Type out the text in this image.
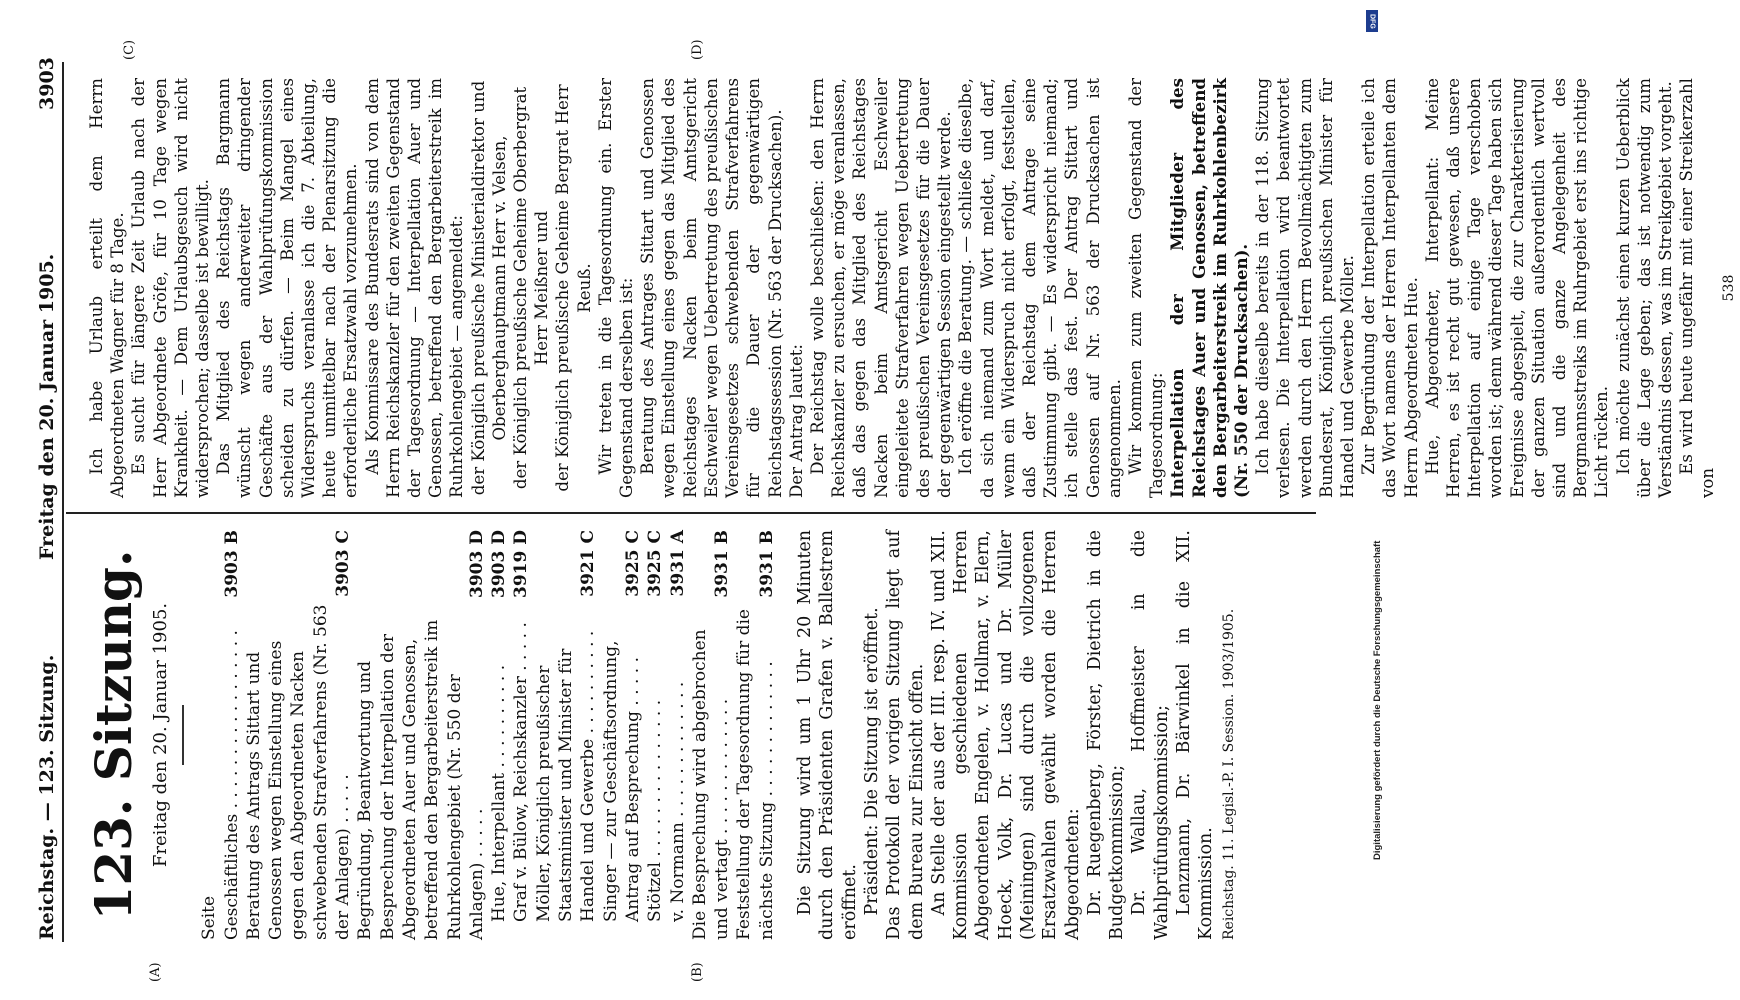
Reichstag. — 123. Sitzung.
Freitag den 20. Januar 1905.
3903
(A)	(B)
(C)	(D)
123. Sitzung. Freitag den 20. Januar 1905.
Seite Geschäftliches . . . . . . . . . . . . . . . . .	3903 B
Beratung des Antrags Sittart und Genossen wegen Einstellung eines gegen den Abgeordneten Nacken schwebenden Strafverfahrens (Nr. 563 der Anlagen) . . . . .	3903 C
Begründung, Beantwortung und Besprechung der Interpellation der Abgeordneten Auer und Genossen, betreffend den Bergarbeiterstreik im Ruhrkohlengebiet (Nr. 550 der Anlagen) . . . . .	3903 D
Hue, Interpellant . . . . . . . . . .	3903 D
Graf v. Bülow, Reichskanzler . . . . .	3919 D
Möller, Königlich preußischer Staatsminister und Minister für Handel und Gewerbe . . . . . . . . . .	3921 C
Singer — zur Geschäftsordnung, Antrag auf Besprechung . . . . .	3925 C
Stötzel . . . . . . . . . . . . . . .	3925 C
v. Normann . . . . . . . . . . . . .	3931 A
Die Besprechung wird abgebrochen und vertagt . . . . . . . . . . . . .	3931 B
Feststellung der Tagesordnung für die nächste Sitzung . . . . . . . . . . . . .	3931 B Die Sitzung wird um 1 Uhr 20 Minuten durch den Präsidenten Grafen v. Ballestrem eröffnet. Präsident: Die Sitzung ist eröffnet. Das Protokoll der vorigen Sitzung liegt auf dem Bureau zur Einsicht offen. An Stelle der aus der III. resp. IV. und XII. Kommission geschiedenen Herren Abgeordneten Engelen, v. Hollmar, v. Elern, Hoeck, Volk, Dr. Lucas und Dr. Müller (Meiningen) sind durch die vollzogenen Ersatzwahlen gewählt worden die Herren Abgeordneten: Dr. Ruegenberg, Förster, Dietrich in die Budgetkommission; Dr. Wallau, Hoffmeister in die Wahlprüfungskommission; Lenzmann, Dr. Bärwinkel in die XII. Kommission. Reichstag. 11. Legisl.-P. I. Session. 1903/1905.

Ich habe Urlaub erteilt dem Herrn Abgeordneten Wagner für 8 Tage. Es sucht für längere Zeit Urlaub nach der Herr Abgeordnete Gröfe, für 10 Tage wegen Krankheit. — Dem Urlaubsgesuch wird nicht widersprochen; dasselbe ist bewilligt. Das Mitglied des Reichstags Bargmann wünscht wegen anderweiter dringender Geschäfte aus der Wahlprüfungskommission scheiden zu dürfen. — Beim Mangel eines Widerspruchs veranlasse ich die 7. Abteilung, heute unmittelbar nach der Plenarsitzung die erforderliche Ersatzwahl vorzunehmen. Als Kommissare des Bundesrats sind von dem Herrn Reichskanzler für den zweiten Gegenstand der Tagesordnung — Interpellation Auer und Genossen, betreffend den Bergarbeiterstreik im Ruhrkohlengebiet — angemeldet: der Königlich preußische Ministerialdirektor und Oberberghauptmann Herr v. Velsen, der Königlich preußische Geheime Oberbergrat Herr Meißner und der Königlich preußische Geheime Bergrat Herr Reuß. Wir treten in die Tagesordnung ein. Erster Gegenstand derselben ist: Beratung des Antrages Sittart und Genossen wegen Einstellung eines gegen das Mitglied des Reichstages Nacken beim Amtsgericht Eschweiler wegen Uebertretung des preußischen Vereinsgesetzes schwebenden Strafverfahrens für die Dauer der gegenwärtigen Reichstagssession (Nr. 563 der Drucksachen). Der Antrag lautet: Der Reichstag wolle beschließen: den Herrn Reichskanzler zu ersuchen, er möge veranlassen, daß das gegen das Mitglied des Reichstages Nacken beim Amtsgericht Eschweiler eingeleitete Strafverfahren wegen Uebertretung des preußischen Vereinsgesetzes für die Dauer der gegenwärtigen Session eingestellt werde. Ich eröffne die Beratung. — schließe dieselbe, da sich niemand zum Wort meldet, und darf, wenn ein Widerspruch nicht erfolgt, feststellen, daß der Reichstag dem Antrage seine Zustimmung gibt. — Es widerspricht niemand; ich stelle das fest. Der Antrag Sittart und Genossen auf Nr. 563 der Drucksachen ist angenommen. Wir kommen zum zweiten Gegenstand der Tagesordnung: Interpellation der Mitglieder des Reichstages Auer und Genossen, betreffend den Bergarbeiterstreik im Ruhrkohlenbezirk (Nr. 550 der Drucksachen). Ich habe dieselbe bereits in der 118. Sitzung verlesen. Die Interpellation wird beantwortet werden durch den Herrn Bevollmächtigten zum Bundesrat, Königlich preußischen Minister für Handel und Gewerbe Möller. Zur Begründung der Interpellation erteile ich das Wort namens der Herren Interpellanten dem Herrn Abgeordneten Hue. Hue, Abgeordneter, Interpellant: Meine Herren, es ist recht gut gewesen, daß unsere Interpellation auf einige Tage verschoben worden ist; denn während dieser Tage haben sich Ereignisse abgespielt, die zur Charakterisierung der ganzen Situation außerordentlich wertvoll sind und die ganze Angelegenheit des Bergmannsstreiks im Ruhrgebiet erst ins richtige Licht rücken. Ich möchte zunächst einen kurzen Ueberblick über die Lage geben; das ist notwendig zum Verständnis dessen, was im Streikgebiet vorgeht. Es wird heute ungefähr mit einer Streikerzahl von

538

DFG
Digitalisierung gefördert durch die Deutsche Forschungsgemeinschaft
